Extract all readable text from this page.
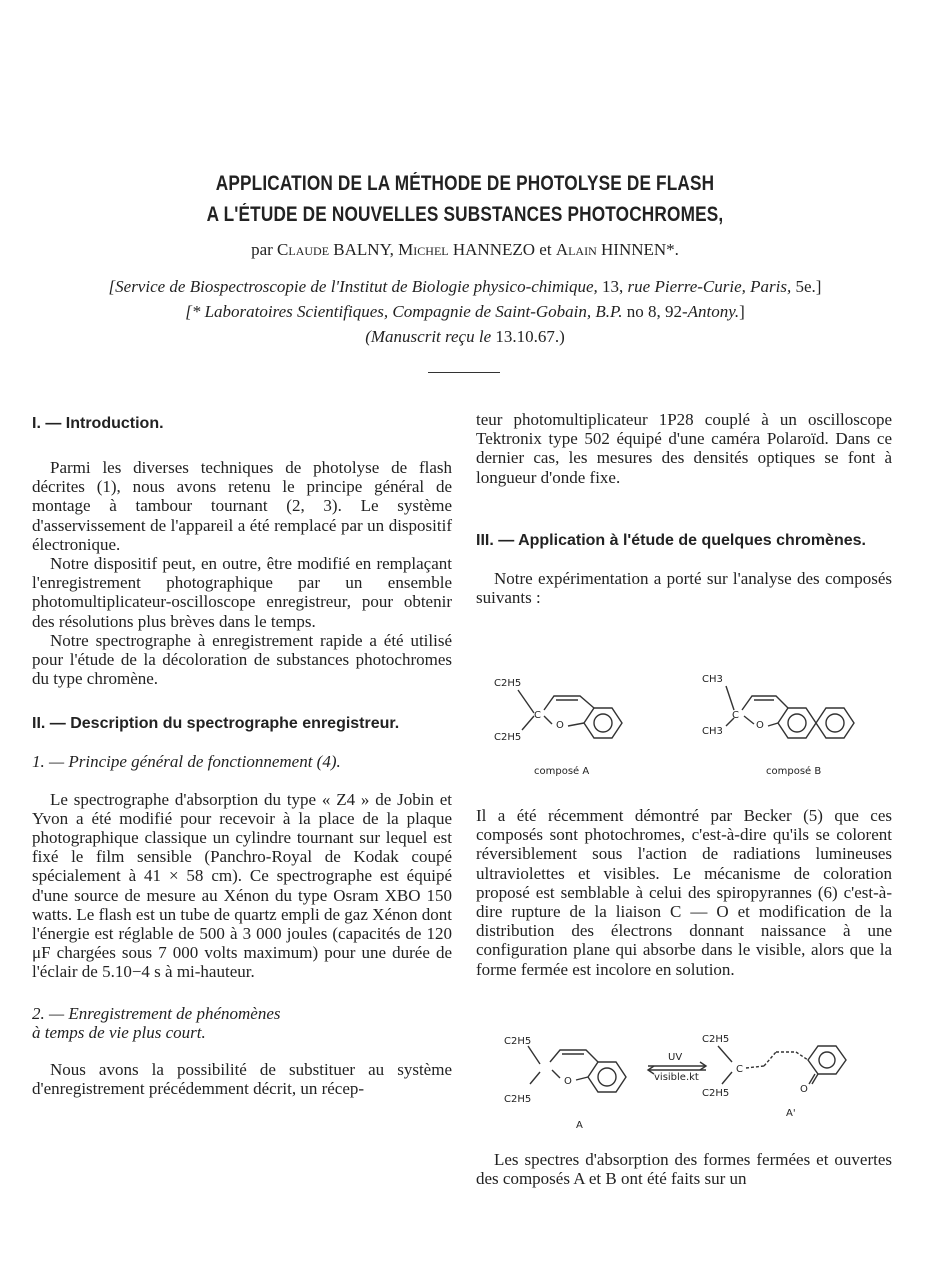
APPLICATION DE LA MÉTHODE DE PHOTOLYSE DE FLASH
A L'ÉTUDE DE NOUVELLES SUBSTANCES PHOTOCHROMES,
par Claude BALNY, Michel HANNEZO et Alain HINNEN*.
[Service de Biospectroscopie de l'Institut de Biologie physico-chimique, 13, rue Pierre-Curie, Paris, 5e.]
[* Laboratoires Scientifiques, Compagnie de Saint-Gobain, B.P. no 8, 92-Antony.]
(Manuscrit reçu le 13.10.67.)

I. — Introduction.

Parmi les diverses techniques de photolyse de flash décrites (1), nous avons retenu le principe général de montage à tambour tournant (2, 3). Le système d'asservissement de l'appareil a été remplacé par un dispositif électronique.

Notre dispositif peut, en outre, être modifié en remplaçant l'enregistrement photographique par un ensemble photomultiplicateur-oscilloscope enregistreur, pour obtenir des résolutions plus brèves dans le temps.

Notre spectrographe à enregistrement rapide a été utilisé pour l'étude de la décoloration de substances photochromes du type chromène.

II. — Description du spectrographe enregistreur.

1. — Principe général de fonctionnement (4).

Le spectrographe d'absorption du type « Z4 » de Jobin et Yvon a été modifié pour recevoir à la place de la plaque photographique classique un cylindre tournant sur lequel est fixé le film sensible (Panchro-Royal de Kodak coupé spécialement à 41 × 58 cm). Ce spectrographe est équipé d'une source de mesure au Xénon du type Osram XBO 150 watts. Le flash est un tube de quartz empli de gaz Xénon dont l'énergie est réglable de 500 à 3 000 joules (capacités de 120 μF chargées sous 7 000 volts maximum) pour une durée de l'éclair de 5.10−4 s à mi-hauteur.

2. — Enregistrement de phénomènes

à temps de vie plus court.

Nous avons la possibilité de substituer au système d'enregistrement précédemment décrit, un récep-

teur photomultiplicateur 1P28 couplé à un oscilloscope Tektronix type 502 équipé d'une caméra Polaroïd. Dans ce dernier cas, les mesures des densités optiques se font à longueur d'onde fixe.

III. — Application à l'étude de quelques chromènes.

Notre expérimentation a porté sur l'analyse des composés suivants :

C2H5
C2H5
C
O
CH3
CH3
C
O
composé A	composé B

Il a été récemment démontré par Becker (5) que ces composés sont photochromes, c'est-à-dire qu'ils se colorent réversiblement sous l'action de radiations lumineuses ultraviolettes et visibles. Le mécanisme de coloration proposé est semblable à celui des spiropyrannes (6) c'est-à-dire rupture de la liaison C — O et modification de la distribution des électrons donnant naissance à une configuration plane qui absorbe dans le visible, alors que la forme fermée est incolore en solution.

C2H5
C2H5
O
UV
visible.kt
C2H5
C2H5
C
O
A
A'

Les spectres d'absorption des formes fermées et ouvertes des composés A et B ont été faits sur un
